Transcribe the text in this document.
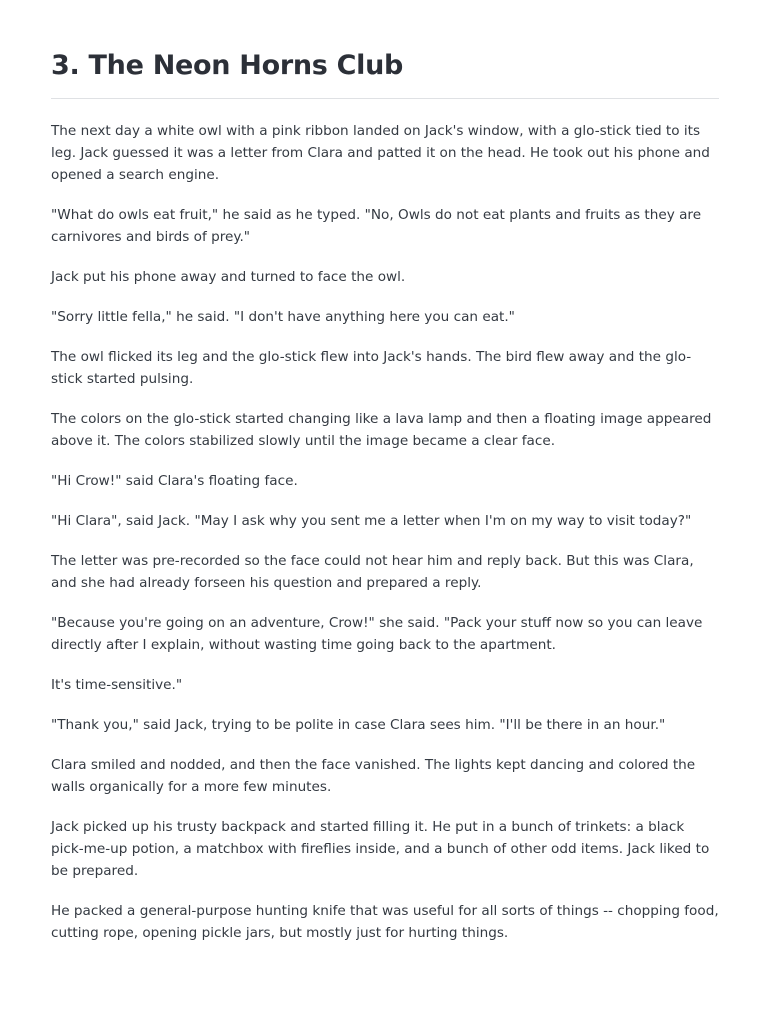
3. The Neon Horns Club

The next day a white owl with a pink ribbon landed on Jack's window, with a glo-stick tied to its leg. Jack guessed it was a letter from Clara and patted it on the head. He took out his phone and opened a search engine.

"What do owls eat fruit," he said as he typed. "No, Owls do not eat plants and fruits as they are carnivores and birds of prey."

Jack put his phone away and turned to face the owl.

"Sorry little fella," he said. "I don't have anything here you can eat."

The owl flicked its leg and the glo-stick flew into Jack's hands. The bird flew away and the glo-stick started pulsing.

The colors on the glo-stick started changing like a lava lamp and then a floating image appeared above it. The colors stabilized slowly until the image became a clear face.

"Hi Crow!" said Clara's floating face.

"Hi Clara", said Jack. "May I ask why you sent me a letter when I'm on my way to visit today?"

The letter was pre-recorded so the face could not hear him and reply back. But this was Clara, and she had already forseen his question and prepared a reply.

"Because you're going on an adventure, Crow!" she said. "Pack your stuff now so you can leave directly after I explain, without wasting time going back to the apartment.

It's time-sensitive."

"Thank you," said Jack, trying to be polite in case Clara sees him. "I'll be there in an hour."

Clara smiled and nodded, and then the face vanished. The lights kept dancing and colored the walls organically for a more few minutes.

Jack picked up his trusty backpack and started filling it. He put in a bunch of trinkets: a black pick-me-up potion, a matchbox with fireflies inside, and a bunch of other odd items. Jack liked to be prepared.

He packed a general-purpose hunting knife that was useful for all sorts of things -- chopping food, cutting rope, opening pickle jars, but mostly just for hurting things.
